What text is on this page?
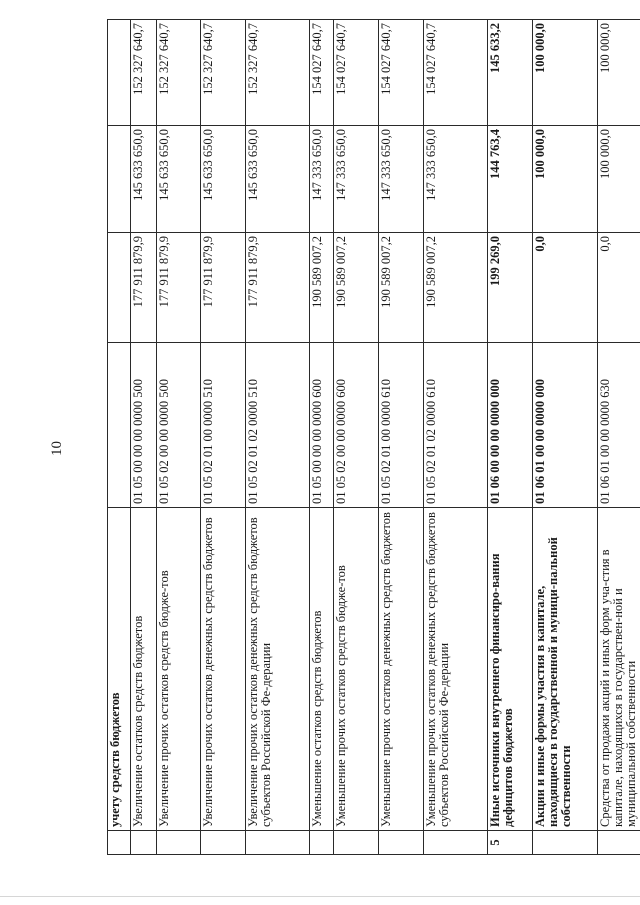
10
	учету средств бюджетов				
	Увеличение остатков средств бюджетов	01 05 00 00 00 0000 500	177 911 879,9	145 633 650,0	152 327 640,7
	Увеличение прочих остатков средств бюдже-тов	01 05 02 00 00 0000 500	177 911 879,9	145 633 650,0	152 327 640,7
	Увеличение прочих остатков денежных средств бюджетов	01 05 02 01 00 0000 510	177 911 879,9	145 633 650,0	152 327 640,7
	Увеличение прочих остатков денежных средств бюджетов субъектов Российской Фе-дерации	01 05 02 01 02 0000 510	177 911 879,9	145 633 650,0	152 327 640,7
	Уменьшение остатков средств бюджетов	01 05 00 00 00 0000 600	190 589 007,2	147 333 650,0	154 027 640,7
	Уменьшение прочих остатков средств бюдже-тов	01 05 02 00 00 0000 600	190 589 007,2	147 333 650,0	154 027 640,7
	Уменьшение прочих остатков денежных средств бюджетов	01 05 02 01 00 0000 610	190 589 007,2	147 333 650,0	154 027 640,7
	Уменьшение прочих остатков денежных средств бюджетов субъектов Российской Фе-дерации	01 05 02 01 02 0000 610	190 589 007,2	147 333 650,0	154 027 640,7
5	Иные источники внутреннего финансиро-вания дефицитов бюджетов	01 06 00 00 00 0000 000	199 269,0	144 763,4	145 633,2
	Акции и иные формы участия в капитале, находящиеся в государственной и муници-пальной собственности	01 06 01 00 00 0000 000	0,0	100 000,0	100 000,0
	Средства от продажи акций и иных форм уча-стия в капитале, находящихся в государствен-ной и муниципальной собственности	01 06 01 00 00 0000 630	0,0	100 000,0	100 000,0
